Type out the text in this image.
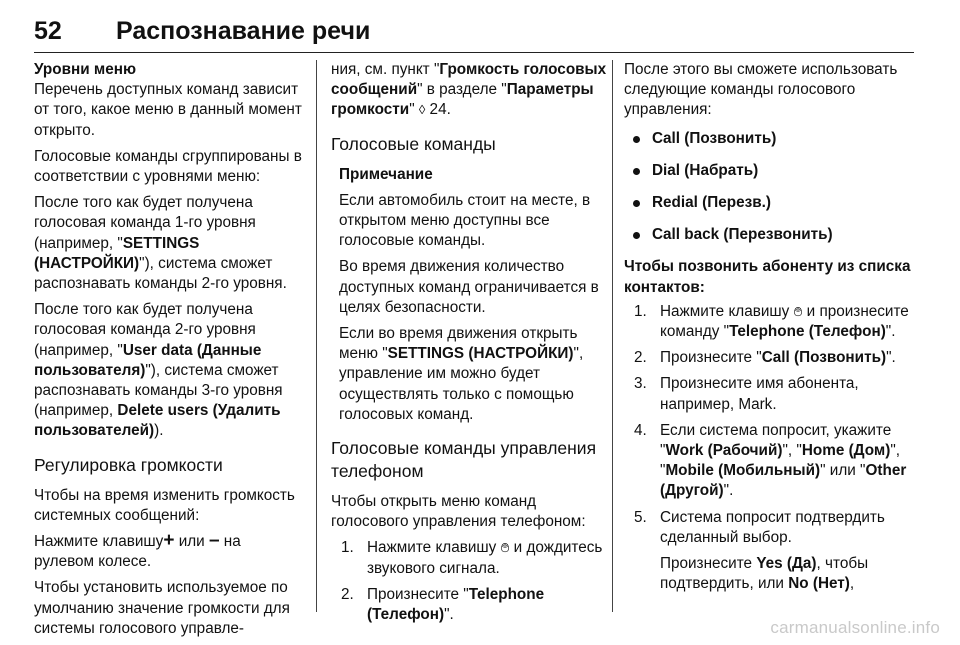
52 Распознавание речи

Уровни меню

Перечень доступных команд зависит от того, какое меню в данный момент открыто.

Голосовые команды сгруппированы в соответствии с уровнями меню:

После того как будет получена голосовая команда 1-го уровня (например, "SETTINGS (НАСТРОЙКИ)"), система сможет распознавать команды 2-го уровня.

После того как будет получена голосовая команда 2-го уровня (например, "User data (Данные пользователя)"), система сможет распознавать команды 3-го уровня (например, Delete users (Удалить пользователей)).

Регулировка громкости

Чтобы на время изменить громкость системных сообщений:

Нажмите клавишу+ или – на рулевом колесе.

Чтобы установить используемое по умолчанию значение громкости для системы голосового управле-

ния, см. пункт "Громкость голосовых сообщений" в разделе "Параметры громкости" ◊ 24.

Голосовые команды

Примечание

Если автомобиль стоит на месте, в открытом меню доступны все голосовые команды.

Во время движения количество доступных команд ограничивается в целях безопасности.

Если во время движения открыть меню "SETTINGS (НАСТРОЙКИ)", управление им можно будет осуществлять только с помощью голосовых команд.

Голосовые команды управления телефоном

Чтобы открыть меню команд голосового управления телефоном:

1. Нажмите клавишу ࿉ и дождитесь звукового сигнала.
2. Произнесите "Telephone (Телефон)".

После этого вы сможете использовать следующие команды голосового управления:

Call (Позвонить)
Dial (Набрать)
Redial (Перезв.)
Call back (Перезвонить)

Чтобы позвонить абоненту из списка контактов:

1. Нажмите клавишу ࿉ и произнесите команду "Telephone (Телефон)".
2. Произнесите "Call (Позвонить)".
3. Произнесите имя абонента, например, Mark.
4. Если система попросит, укажите "Work (Рабочий)", "Home (Дом)", "Mobile (Мобильный)" или "Other (Другой)".
5. Система попросит подтвердить сделанный выбор.

Произнесите Yes (Да), чтобы подтвердить, или No (Нет),

carmanualsonline.info
